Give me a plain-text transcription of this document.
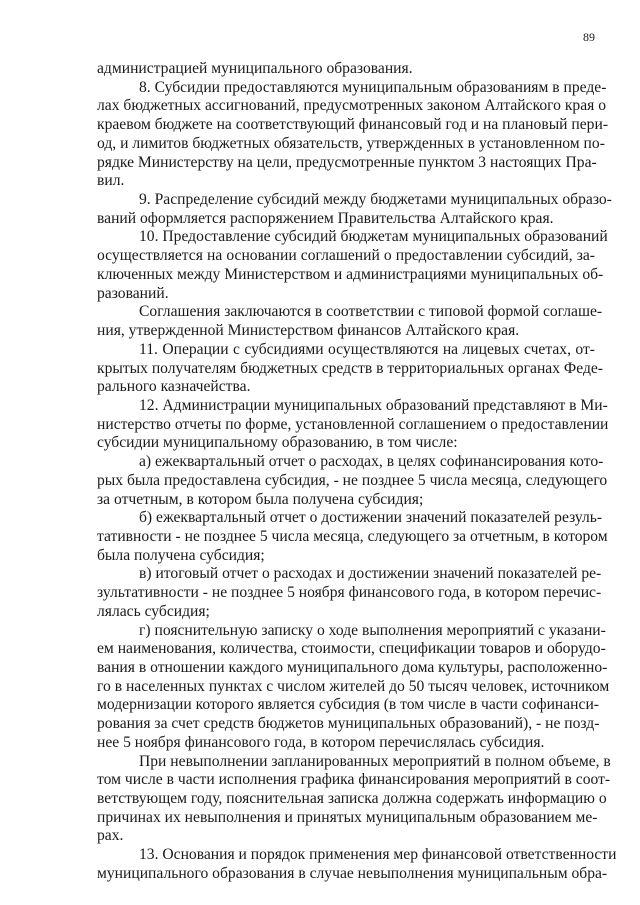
89
администрацией муниципального образования.
8. Субсидии предоставляются муниципальным образованиям в преде-
лах бюджетных ассигнований, предусмотренных законом Алтайского края о
краевом бюджете на соответствующий финансовый год и на плановый пери-
од, и лимитов бюджетных обязательств, утвержденных в установленном по-
рядке Министерству на цели, предусмотренные пунктом 3 настоящих Пра-
вил.
9. Распределение субсидий между бюджетами муниципальных образо-
ваний оформляется распоряжением Правительства Алтайского края.
10. Предоставление субсидий бюджетам муниципальных образований
осуществляется на основании соглашений о предоставлении субсидий, за-
ключенных между Министерством и администрациями муниципальных об-
разований.
Соглашения заключаются в соответствии с типовой формой соглаше-
ния, утвержденной Министерством финансов Алтайского края.
11. Операции с субсидиями осуществляются на лицевых счетах, от-
крытых получателям бюджетных средств в территориальных органах Феде-
рального казначейства.
12. Администрации муниципальных образований представляют в Ми-
нистерство отчеты по форме, установленной соглашением о предоставлении
субсидии муниципальному образованию, в том числе:
а) ежеквартальный отчет о расходах, в целях софинансирования кото-
рых была предоставлена субсидия, - не позднее 5 числа месяца, следующего
за отчетным, в котором была получена субсидия;
б) ежеквартальный отчет о достижении значений показателей резуль-
тативности - не позднее 5 числа месяца, следующего за отчетным, в котором
была получена субсидия;
в) итоговый отчет о расходах и достижении значений показателей ре-
зультативности - не позднее 5 ноября финансового года, в котором перечис-
лялась субсидия;
г) пояснительную записку о ходе выполнения мероприятий с указани-
ем наименования, количества, стоимости, спецификации товаров и оборудо-
вания в отношении каждого муниципального дома культуры, расположенно-
го в населенных пунктах с числом жителей до 50 тысяч человек, источником
модернизации которого является субсидия (в том числе в части софинанси-
рования за счет средств бюджетов муниципальных образований), - не позд-
нее 5 ноября финансового года, в котором перечислялась субсидия.
При невыполнении запланированных мероприятий в полном объеме, в
том числе в части исполнения графика финансирования мероприятий в соот-
ветствующем году, пояснительная записка должна содержать информацию о
причинах их невыполнения и принятых муниципальным образованием ме-
рах.
13. Основания и порядок применения мер финансовой ответственности
муниципального образования в случае невыполнения муниципальным обра-
